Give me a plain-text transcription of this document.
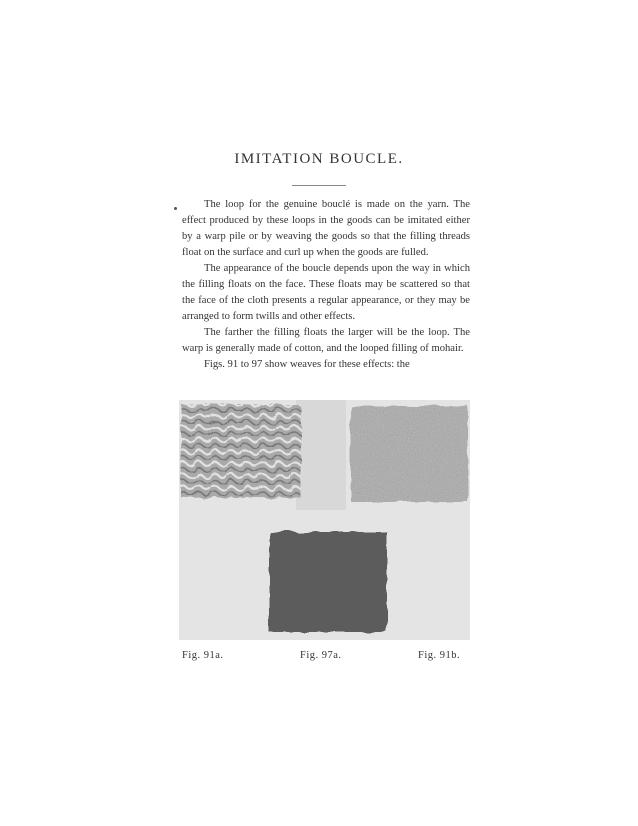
IMITATION BOUCLE.

The loop for the genuine bouclé is made on the yarn. The effect produced by these loops in the goods can be imitated either by a warp pile or by weaving the goods so that the filling threads float on the surface and curl up when the goods are fulled.

The appearance of the boucle depends upon the way in which the filling floats on the face. These floats may be scattered so that the face of the cloth presents a regular appearance, or they may be arranged to form twills and other effects.

The farther the filling floats the larger will be the loop. The warp is generally made of cotton, and the looped filling of mohair.

Figs. 91 to 97 show weaves for these effects: the

Fig. 91a.	Fig. 97a.	Fig. 91b.
